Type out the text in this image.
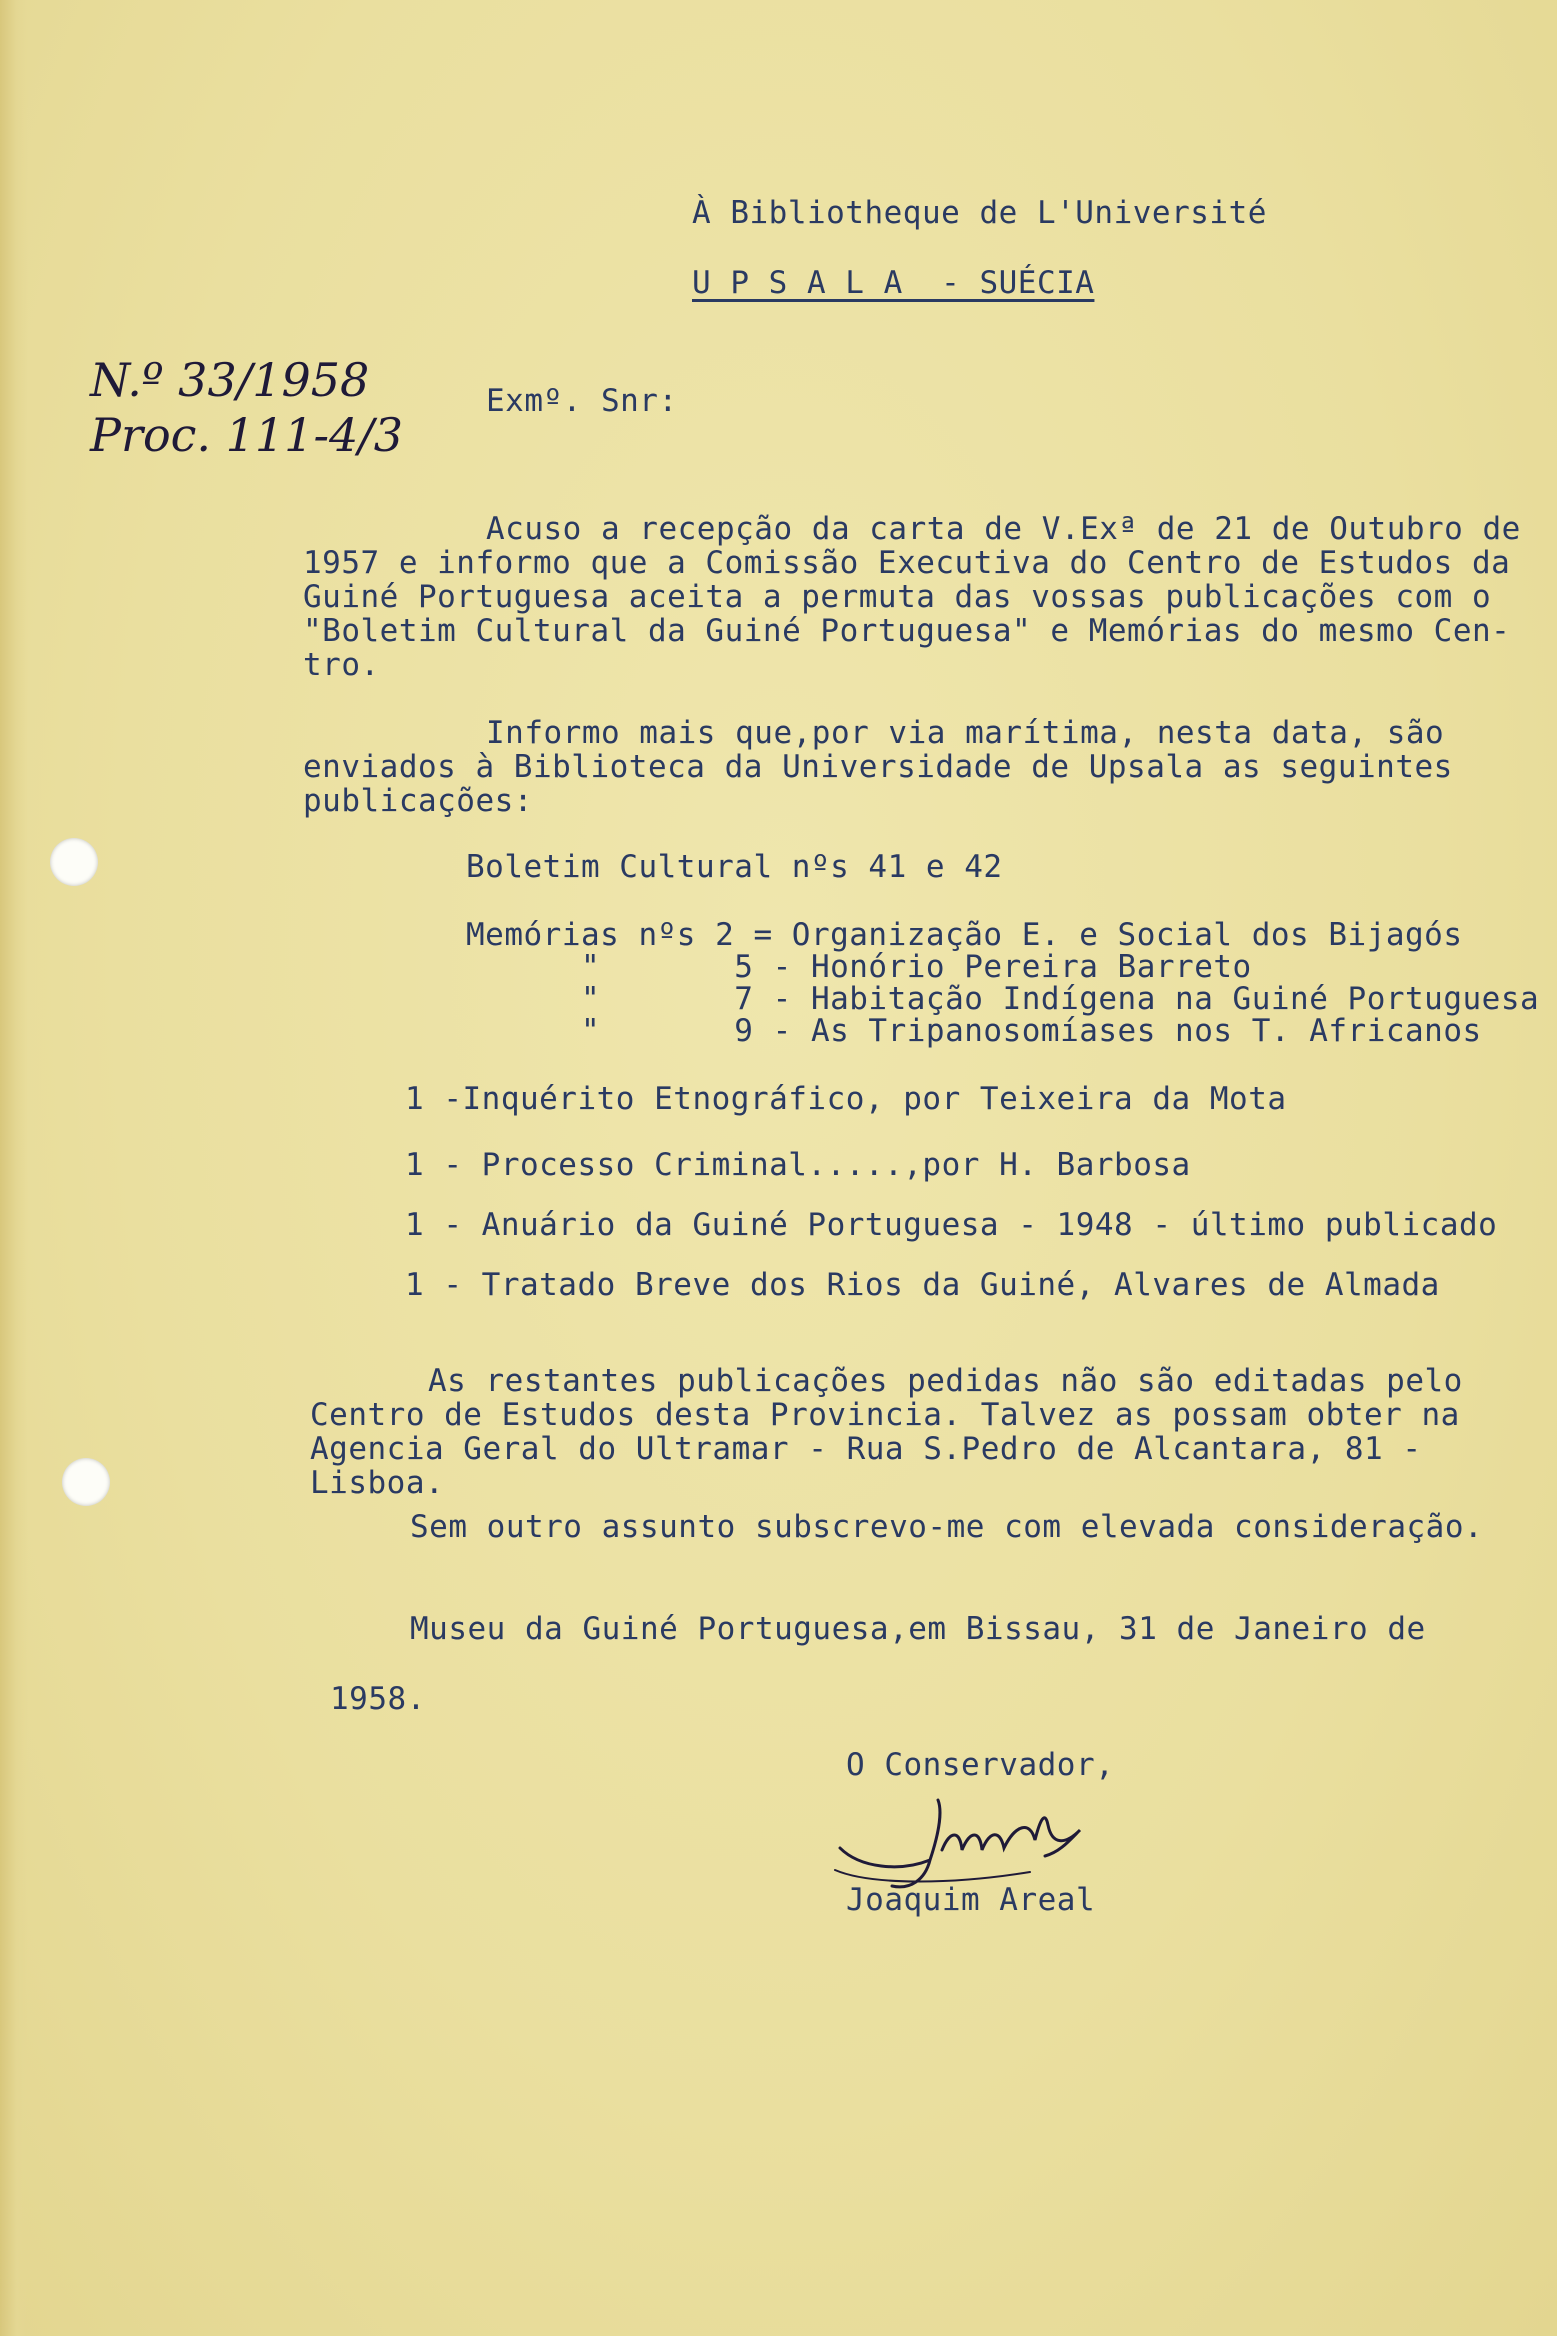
N.º 33/1958
Proc. 111-4/3
À Bibliotheque de L'Université
U P S A L A  - SUÉCIA
Exmº. Snr:
Acuso a recepção da carta de V.Exª de 21 de Outubro de
1957 e informo que a Comissão Executiva do Centro de Estudos da
Guiné Portuguesa aceita a permuta das vossas publicações com o
"Boletim Cultural da Guiné Portuguesa" e Memórias do mesmo Cen-
tro.
Informo mais que,por via marítima, nesta data, são
enviados à Biblioteca da Universidade de Upsala as seguintes
publicações:
Boletim Cultural nºs 41 e 42
Memórias nºs 2 = Organização E. e Social dos Bijagós
"       5 - Honório Pereira Barreto
"       7 - Habitação Indígena na Guiné Portuguesa
"       9 - As Tripanosomíases nos T. Africanos
1 -Inquérito Etnográfico, por Teixeira da Mota
1 - Processo Criminal.....,por H. Barbosa
1 - Anuário da Guiné Portuguesa - 1948 - último publicado
1 - Tratado Breve dos Rios da Guiné, Alvares de Almada
As restantes publicações pedidas não são editadas pelo
Centro de Estudos desta Provincia. Talvez as possam obter na
Agencia Geral do Ultramar - Rua S.Pedro de Alcantara, 81 -
Lisboa.
Sem outro assunto subscrevo-me com elevada consideração.
Museu da Guiné Portuguesa,em Bissau, 31 de Janeiro de
1958.
O Conservador,
Joaquim Areal
